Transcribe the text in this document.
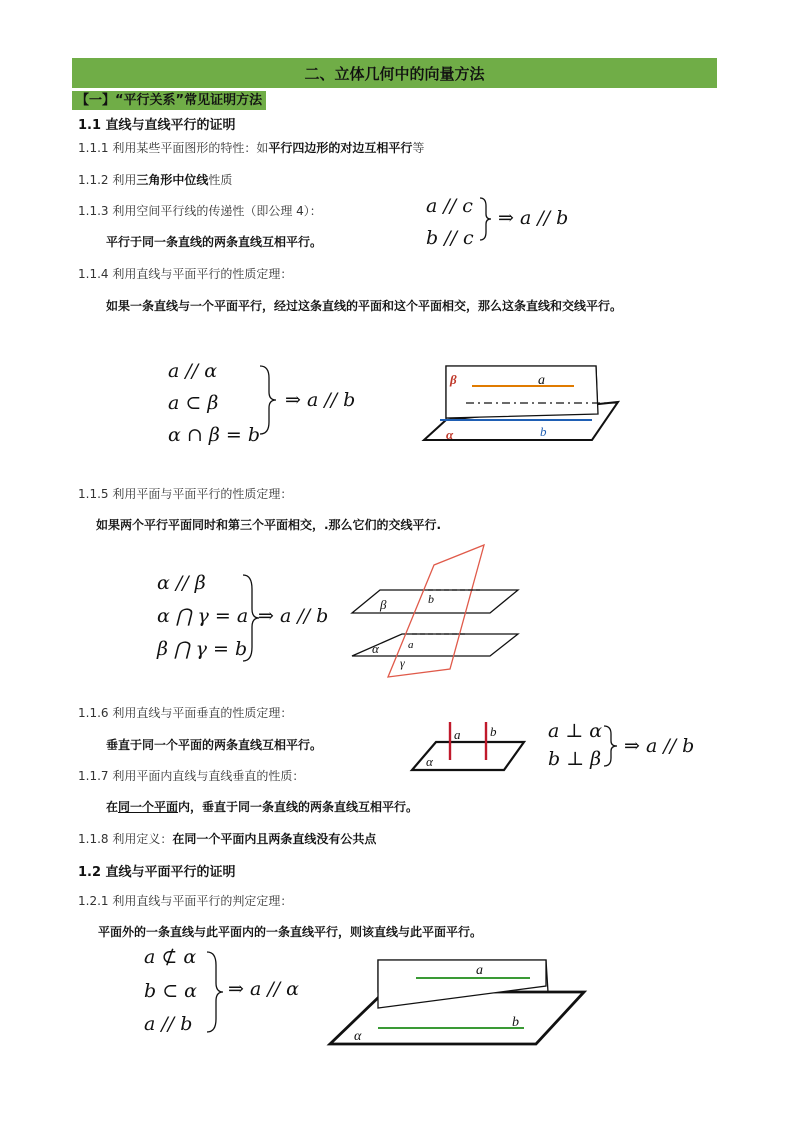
二、立体几何中的向量方法
【一】“平行关系”常见证明方法
1.1 直线与直线平行的证明
1.1.1 利用某些平面图形的特性：如平行四边形的对边互相平行等
1.1.2 利用三角形中位线性质
1.1.3 利用空间平行线的传递性（即公理 4）：
平行于同一条直线的两条直线互相平行。
a // c
b // c
⇒ a // b
1.1.4 利用直线与平面平行的性质定理：
如果一条直线与一个平面平行，经过这条直线的平面和这个平面相交，那么这条直线和交线平行。
a // α
a ⊂ β
α ∩ β = b
⇒ a // b
a
b
β
α
1.1.5 利用平面与平面平行的性质定理：
如果两个平行平面同时和第三个平面相交，.那么它们的交线平行.
α // β
α ⋂ γ = a
β ⋂ γ = b
⇒ a // b
β	b
α	a
γ
1.1.6 利用直线与平面垂直的性质定理：
垂直于同一个平面的两条直线互相平行。
a b
α
a ⊥ α
b ⊥ β
⇒ a // b
1.1.7 利用平面内直线与直线垂直的性质：
在同一个平面内，垂直于同一条直线的两条直线互相平行。
1.1.8 利用定义：在同一个平面内且两条直线没有公共点
1.2 直线与平面平行的证明
1.2.1 利用直线与平面平行的判定定理：
平面外的一条直线与此平面内的一条直线平行，则该直线与此平面平行。
a ⊄ α
b ⊂ α
a // b
⇒ a // α
a
b
α
